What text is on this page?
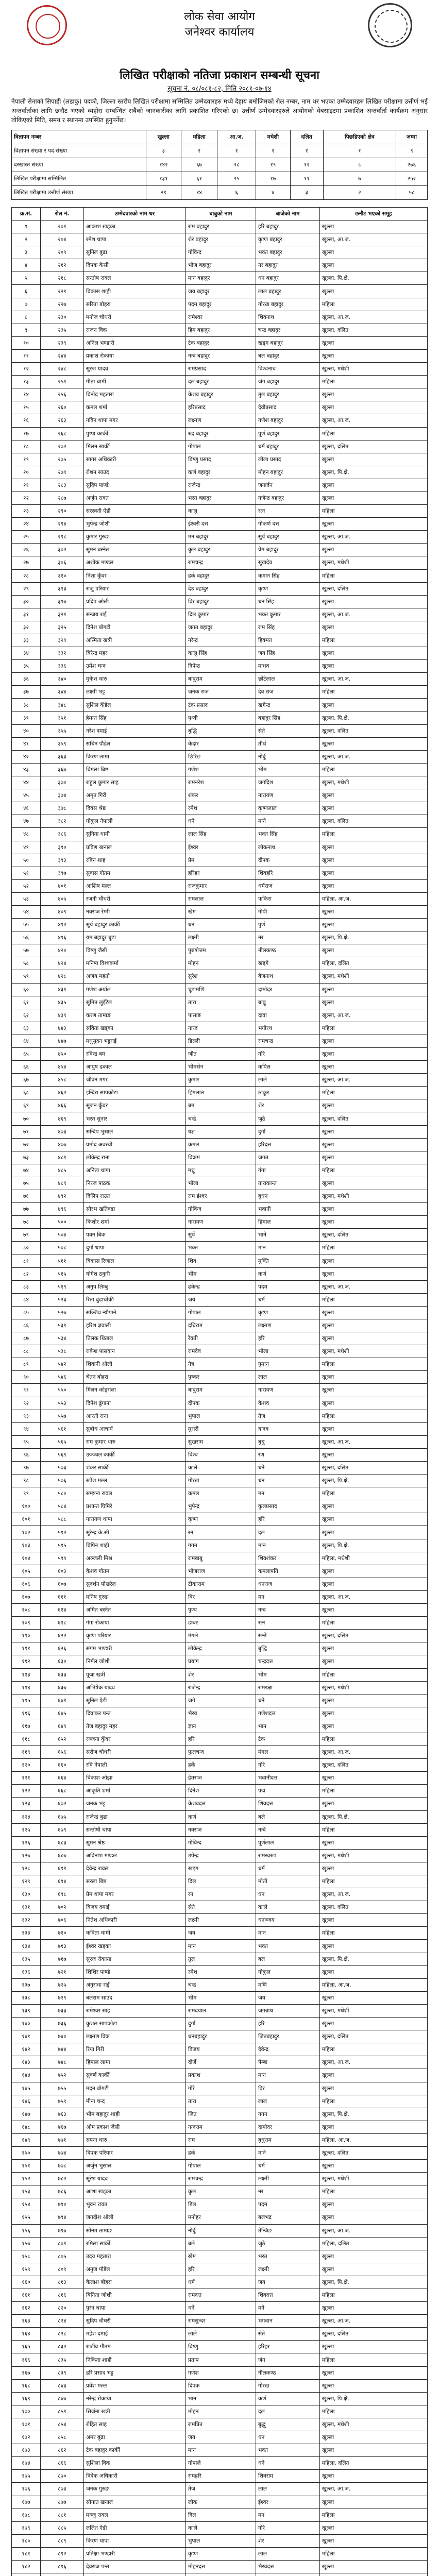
लोक सेवा आयोग
जनेश्वर कार्यालय
लिखित परीक्षाको नतिजा प्रकाशन सम्बन्धी सूचना

सूचना नं. ०८/०८१-८२, मिति २०८१-०७-१४

नेपाली सेनाको सिपाही (लडाकु) पदको, जिल्ला स्तरीय लिखित परीक्षामा सम्मिलित उम्मेदवारहरु मध्ये देहाय बमोजिमको रोल नम्बर, नाम थर भएका उम्मेदवारहरु लिखित परीक्षामा उत्तीर्ण भई अन्तर्वार्ताका लागि छनौट भएको व्यहोरा सम्बन्धित सबैको जानकारीका लागि प्रकाशित गरिएको छ। उत्तीर्ण उम्मेदवारहरुले आयोगको वेबसाइटमा प्रकाशित अन्तर्वार्ता कार्यक्रम अनुसार तोकिएको मिति, समय र स्थानमा उपस्थित हुनुपर्नेछ।

विज्ञापन नम्बर	खुल्ला	महिला	आ.ज.	मधेशी	दलित	पिछडिएको क्षेत्र	जम्मा
विज्ञापन संख्या र पद संख्या	३	२	१	१	१	१	९
दरखास्त संख्या	१४२	६७	२८	१९	१२	८	२७६
लिखित परीक्षामा सम्मिलित	१३१	६१	२५	१७	११	७	२५२
लिखित परीक्षामा उत्तीर्ण संख्या	२९	१४	६	४	३	२	५८
क्र.सं.	रोल नं.	उम्मेदवारको नाम थर	बाबुको नाम	बाजेको नाम	छनौट भएको समूह
१	२०१	आकाश खड्का	राम बहादुर	हरि बहादुर	खुल्ला
२	२०४	रमेश थापा	शेर बहादुर	कृष्ण बहादुर	खुल्ला, आ.ज.
३	२०९	सुनिल बुढा	गोविन्द	भक्त बहादुर	खुल्ला
४	२१२	दिपक केसी	भोज बहादुर	नर बहादुर	खुल्ला
५	२१८	सन्तोष रावल	मान बहादुर	धन बहादुर	खुल्ला, पि.क्षे.
६	२२१	बिकास शाही	जय बहादुर	लाल बहादुर	खुल्ला
७	२२७	सरिता बोहरा	पदम बहादुर	गोरख बहादुर	महिला
८	२३०	मनोज चौधरी	रामेश्वर	शिवनाथ	खुल्ला, आ.ज.
९	२३५	राजन विक	हिम बहादुर	चन्द्र बहादुर	खुल्ला, दलित
१०	२३९	अनिल भण्डारी	टेक बहादुर	खड्ग बहादुर	खुल्ला
११	२४४	प्रकाश रोकाया	नन्द बहादुर	बल बहादुर	खुल्ला
१२	२४८	सुरज यादव	रामप्रसाद	विश्वनाथ	खुल्ला, मधेशी
१३	२५१	गीता धामी	दल बहादुर	जंग बहादुर	महिला
१४	२५६	बिनोद महतारा	केशव बहादुर	तुल बहादुर	खुल्ला
१५	२६०	कमल शर्मा	हरिप्रसाद	देवीप्रसाद	खुल्ला
१६	२६३	नविन थापा मगर	लक्ष्मण	गणेश बहादुर	खुल्ला, आ.ज.
१७	२६८	पुष्पा कार्की	रुद्र बहादुर	पूर्ण बहादुर	महिला
१८	२७२	मिलन सार्की	गोपाल	धर्म बहादुर	खुल्ला, दलित
१९	२७५	सागर अधिकारी	बिष्णु प्रसाद	लीला प्रसाद	खुल्ला
२०	२७९	रोशन साउद	कर्ण बहादुर	मोहन बहादुर	खुल्ला, पि.क्षे.
२१	२८३	सुदिप पाण्डे	राजेन्द्र	जनार्दन	खुल्ला
२२	२८७	अर्जुन रावत	भरत बहादुर	गजेन्द्र बहादुर	खुल्ला
२३	२९०	सरस्वती ऐडी	कालु	रत्न	महिला
२४	२९४	भुपेन्द्र जोशी	ईश्वरी दत्त	गोकर्ण दत्त	खुल्ला
२५	२९८	कुमार गुरुङ	मन बहादुर	सुर्य बहादुर	खुल्ला, आ.ज.
२६	३०२	सुमन बस्नेत	कुल बहादुर	प्रेम बहादुर	खुल्ला
२७	३०६	अशोक मण्डल	रामचन्द्र	सुखदेव	खुल्ला, मधेशी
२८	३१०	निशा कुँवर	हर्क बहादुर	कमान सिंह	महिला
२९	३१३	राजु परियार	देउ बहादुर	कृष्ण	खुल्ला, दलित
३०	३१७	प्रदिप ओली	विर बहादुर	धन सिंह	खुल्ला
३१	३२१	सन्जय राई	दिल कुमार	भक्त कुमार	खुल्ला, आ.ज.
३२	३२५	दिनेश बोगटी	जगत बहादुर	राम सिंह	खुल्ला
३३	३२९	अस्मिता खत्री	नरेन्द्र	हिक्मत	महिला
३४	३३२	बिरेन्द्र महर	कालु सिंह	जय सिंह	खुल्ला
३५	३३६	उमेश चन्द	दिपेन्द्र	माधव	खुल्ला
३६	३४०	मुकेश थारु	बाबुराम	छोटेलाल	खुल्ला, आ.ज.
३७	३४४	लक्ष्मी भट्ट	जनक राज	देव राज	महिला
३८	३४८	सुशिल कँडेल	टंक प्रसाद	खगेन्द्र	खुल्ला
३९	३५१	हेमन्त सिंह	पृथ्वी	बहादुर सिंह	खुल्ला, पि.क्षे.
४०	३५५	नरेश दमाई	बुद्धि	सेते	खुल्ला, दलित
४१	३५९	सचिन पौडेल	केदार	तीर्थ	खुल्ला
४२	३६३	किरण लामा	छिरिङ	नोर्बु	खुल्ला, आ.ज.
४३	३६७	बिमला बिष्ट	गणेश	भीम	महिला
४४	३७०	राहुल कुमार साह	रामनरेश	जगदिश	खुल्ला, मधेशी
४५	३७४	अमृत गिरी	शंकर	नारायण	खुल्ला
४६	३७८	दिवस श्रेष्ठ	रमेश	कृष्णलाल	खुल्ला
४७	३८२	गोकुल नेपाली	धने	माने	खुल्ला, दलित
४८	३८६	सुनिता धामी	लाल सिंह	भक्त सिंह	महिला
४९	३९०	प्रविण खनाल	ईश्वर	लोकनाथ	खुल्ला
५०	३९३	रबिन शाह	प्रेम	दीपक	खुल्ला
५१	३९७	सुवास गौतम	हरिहर	शिवहरि	खुल्ला
५२	४०१	आशिष मल्ल	राजकुमार	धर्मराज	खुल्ला
५३	४०५	रजनी चौधरी	रामलाल	फकिरा	महिला, आ.ज.
५४	४०९	नवराज रेग्मी	खेम	गोपी	खुल्ला
५५	४१२	सुर्य बहादुर कार्की	धन	पुर्ण	खुल्ला
५६	४१६	यम बहादुर बुढा	लक्ष्मी	नर	खुल्ला, पि.क्षे.
५७	४२०	विष्णु जैसी	पुरुषोत्तम	नीलकण्ठ	खुल्ला
५८	४२४	मनिषा विश्वकर्मा	मोहन	खड्गे	महिला, दलित
५९	४२८	अजय महतो	सुरेश	बैजनाथ	खुल्ला, मधेशी
६०	४३१	गणेश अर्याल	चूडामणि	दामोदर	खुल्ला
६१	४३५	सुमित लुइँटेल	तारा	बाबु	खुल्ला
६२	४३९	करण तामाङ	पासाङ	दावा	खुल्ला, आ.ज.
६३	४४३	सविता खड्का	नारद	भगीरथ	महिला
६४	४४७	मधुसुदन भट्टराई	डिल्ली	रामचन्द्र	खुल्ला
६५	४५०	रविन्द्र बम	जीत	गोरे	खुल्ला
६६	४५४	आयुष ढकाल	भीमसेन	कपिल	खुल्ला
६७	४५८	जीवन मगर	कुमार	लाले	खुल्ला, आ.ज.
६८	४६२	इन्दिरा सापकोटा	हिमलाल	ठाकुर	महिला
६९	४६६	सुजन कुँवर	बम	शेर	खुल्ला
७०	४६९	भरत सुनार	चन्द्रे	जुठे	खुल्ला, दलित
७१	४७३	सन्दिप भुसाल	यज्ञ	दुर्गा	खुल्ला
७२	४७७	प्रमोद अवस्थी	कमल	हरिदत्त	खुल्ला
७३	४८१	लोकेन्द्र राना	विक्रम	जगत	खुल्ला
७४	४८५	अनिता थापा	मधु	गंगा	महिला
७५	४८९	निरज पाठक	भोला	ताराकान्त	खुल्ला
७६	४९२	दिलिप राउत	राम ईश्वर	बुधन	खुल्ला, मधेशी
७७	४९६	सौरभ खतिवडा	गोविन्द	भवानी	खुल्ला
७८	५००	किशोर शर्मा	नारायण	हिमाल	खुल्ला
७९	५०४	पवन बिक	सुर्ये	भाने	खुल्ला, दलित
८०	५०८	दुर्गा थापा	भक्त	मान	महिला
८१	५११	विकास रिजाल	शिव	मुक्ति	खुल्ला
८२	५१५	योगेश ठकुरी	भीम	कर्ण	खुल्ला
८३	५१९	अनुप लिम्बु	ढकेन्द्र	पदम	खुल्ला, आ.ज.
८४	५२३	रिता बुढाथोकी	जय	धर्म	महिला
८५	५२७	सञ्जिव न्यौपाने	गोपाल	कृष्ण	खुल्ला
८६	५३१	हरिश ज्ञवाली	दधिराम	लक्ष्मण	खुल्ला
८७	५३४	तिलक धिताल	रेवती	हरि	खुल्ला
८८	५३८	राकेश पासवान	रामदेव	भोला	खुल्ला, मधेशी
८९	५४२	शिवानी ओली	नेत्र	गुमान	महिला
९०	५४६	चेतन बोहरा	पुष्कर	लाल	खुल्ला
९१	५५०	मिलन कोइराला	बाबुराम	नारायण	खुल्ला
९२	५५३	दिपेश ढुंगाना	दीपक	केशव	खुल्ला
९३	५५७	आरती राना	भुपाल	तेज	महिला
९४	५६१	सुबोध आचार्य	मुरारी	यादव	खुल्ला
९५	५६५	राम कुमार थारु	सुखराम	बुधु	खुल्ला, आ.ज.
९६	५६९	उज्ज्वल कार्की	विश्व	रण	खुल्ला
९७	५७३	शंकर सार्की	काले	धने	खुल्ला, दलित
९८	५७६	रुपेश मल्ल	गोरख	धन	खुल्ला, पि.क्षे.
९९	५८०	सम्झना रावल	कमल	मन	महिला
१००	५८४	प्रशान्त घिमिरे	भुपेन्द्र	कुलप्रसाद	खुल्ला
१०१	५८८	नारायण थापा	कृष्ण	हरि	खुल्ला
१०२	५९२	सुरेन्द्र के.सी.	रन	दल	खुल्ला
१०३	५९५	बिपिन शाही	गगन	मान	खुल्ला, पि.क्षे.
१०४	५९९	अञ्जली मिश्र	रामबाबु	शिवशंकर	महिला, मधेशी
१०५	६०३	केशव गौतम	भोजराज	कमलापति	खुल्ला
१०६	६०७	सुदर्शन पोखरेल	टीकाराम	धनराज	खुल्ला
१०७	६११	मनिष गुरुङ	बिर	मन	खुल्ला, आ.ज.
१०८	६१४	अमित बस्नेत	पुण्य	नन्द	खुल्ला
१०९	६१८	गंगा रोकाया	डम्बर	रत्न	महिला
११०	६२२	कृष्ण परियार	मंगले	सन्ते	खुल्ला, दलित
१११	६२६	संगम भण्डारी	लोकेन्द्र	बुद्धि	खुल्ला
११२	६३०	निर्मल जोशी	प्रयाग	चन्द्रदत्त	खुल्ला
११३	६३३	पूजा खत्री	शेर	भीम	महिला
११४	६३७	अभिषेक यादव	राजेन्द्र	रामरक्षा	खुल्ला, मधेशी
११५	६४१	सुनिल ऐडी	जगे	धने	खुल्ला
११६	६४५	दिवाकर पन्त	भैरव	गणेशदत्त	खुल्ला
११७	६४९	तेज बहादुर महर	ज्ञान	भान	खुल्ला
११८	६५२	रञ्जना कुँवर	हरि	टेक	महिला
११९	६५६	सरोज चौधरी	फुलचन्द	मंगल	खुल्ला, आ.ज.
१२०	६६०	रवि नेपाली	हर्के	गोरे	खुल्ला, दलित
१२१	६६४	बिकाश ओझा	हेमराज	भवानीदत्त	खुल्ला
१२२	६६८	आकृति शर्मा	दिनेश	पद्म	महिला
१२३	६७२	जनक भट्ट	केशवदत्त	शिवदत्त	खुल्ला
१२४	६७५	राजेन्द्र बुढा	कर्ण	बले	खुल्ला, पि.क्षे.
१२५	६७९	सन्तोषी थापा	नवराज	नन्दे	महिला
१२६	६८३	सुमन श्रेष्ठ	गोविन्द	पूर्णलाल	खुल्ला
१२७	६८७	अविनाश मण्डल	उपेन्द्र	रामस्वरुप	खुल्ला, मधेशी
१२८	६९१	देवेन्द्र रावल	खड्ग	धर्म	खुल्ला
१२९	६९४	सरला बिष्ट	दिल	मोती	महिला
१३०	६९८	प्रेम थापा मगर	रन	धन	खुल्ला, आ.ज.
१३१	७०२	विजय दमाई	सेते	काले	खुल्ला, दलित
१३२	७०६	नितेश अधिकारी	लक्ष्मी	धनञ्जय	खुल्ला
१३३	७१०	कविता धामी	जय	मान	महिला
१३४	७१३	ईश्वर खड्का	मान	भक्त	खुल्ला
१३५	७१७	सुरज रोकाया	तुल	बल	खुल्ला, पि.क्षे.
१३६	७२१	शिशिर पाण्डे	रमेश	गोकुल	खुल्ला
१३७	७२५	अनुराधा राई	चन्द्र	मणि	महिला, आ.ज.
१३८	७२९	बलराम साउद	भीम	जय	खुल्ला
१३९	७३३	रामेश्वर साह	रामदयाल	जगन्नाथ	खुल्ला, मधेशी
१४०	७३६	कुशल सापकोटा	दुर्गा	हरि	खुल्ला
१४१	७४०	लक्ष्मण विक	धनबहादुर	जितबहादुर	खुल्ला, दलित
१४२	७४४	रिया गिरी	विजय	देवेन्द्र	महिला
१४३	७४८	हिमाल लामा	दोर्जे	पेम्बा	खुल्ला, आ.ज.
१४४	७५२	सुवर्ण कार्की	प्रकाश	मान	खुल्ला
१४५	७५५	मदन बोगटी	गोरे	विर	खुल्ला
१४६	७५९	मीना चन्द	तारा	लाल	महिला
१४७	७६३	भीम बहादुर शाही	जित	गगन	खुल्ला, पि.क्षे.
१४८	७६७	ओम प्रकाश जैसी	नन्दराम	दामोदर	खुल्ला
१४९	७७१	सपना थारु	राम	बुधुराम	महिला, आ.ज.
१५०	७७४	दिपक परियार	हर्क	माने	खुल्ला, दलित
१५१	७७८	अर्जुन भुसाल	गोपाल	धर्म	खुल्ला
१५२	७८२	सुरेश यादव	रामचन्द्र	लक्ष्मी	खुल्ला, मधेशी
१५३	७८६	आशा खड्का	कुल	नर	महिला
१५४	७९०	भुवन रावत	डिल	पदम	खुल्ला
१५५	७९४	जगदीश ओली	मनोहर	बलभद्र	खुल्ला
१५६	७९७	सोनम तामाङ	नोर्बु	तेन्जिङ	खुल्ला, आ.ज.
१५७	८०१	रमिला सार्की	बले	जुठे	महिला, दलित
१५८	८०५	उदय महतारा	खेम	भरत	खुल्ला
१५९	८०९	अनुज पौडेल	हरि	लक्ष्मी	खुल्ला
१६०	८१३	कैलाश बोहरा	धर्म	जय	खुल्ला, पि.क्षे.
१६१	८१६	बिनिता जोशी	रामदत्त	शिवदत्त	महिला
१६२	८२०	पुरन थापा	धने	मने	खुल्ला
१६३	८२४	सुदिप चौधरी	रामसुन्दर	भगवान	खुल्ला, आ.ज.
१६४	८२८	महेश दमाई	लाले	सेते	खुल्ला, दलित
१६५	८३२	राजीव गौतम	बिष्णु	हरिहर	खुल्ला
१६६	८३५	निकिता शाही	प्रताप	जंग	महिला
१६७	८३९	हरि प्रसाद भट्ट	गणेश	नीलकण्ठ	खुल्ला
१६८	८४३	प्रवेश मल्ल	दिपक	गोरख	खुल्ला
१६९	८४७	नरेन्द्र रोकाया	भान	कर्ण	खुल्ला, पि.क्षे.
१७०	८५१	सिर्जना खत्री	मोहन	दल	महिला
१७१	८५४	रोहित साह	रामप्रित	बुद्धु	खुल्ला, मधेशी
१७२	८५८	अमर बुढा	जय	धन	खुल्ला
१७३	८६२	टेक बहादुर कार्की	मान	भक्त	खुल्ला
१७४	८६६	सुशिला विक	गोपाले	धने	महिला, दलित
१७५	८७०	विवेक अधिकारी	रामहरि	शिवराम	खुल्ला
१७६	८७३	जनक गुरुङ	तेज	लाल	खुल्ला, आ.ज.
१७७	८७७	सौगात खनाल	लोक	ईश्वर	खुल्ला
१७८	८८१	मञ्जु रावल	दिल	मन	महिला
१७९	८८५	ललित ऐडी	काले	गोरे	खुल्ला
१८०	८८९	किरण थापा	भुपाल	शेर	खुल्ला
१८१	८९२	प्रतिक्षा भण्डारी	कृष्ण	लाल	महिला
१८२	८९६	देवराज पन्त	मोहनदत्त	भैरवदत्त	खुल्ला
